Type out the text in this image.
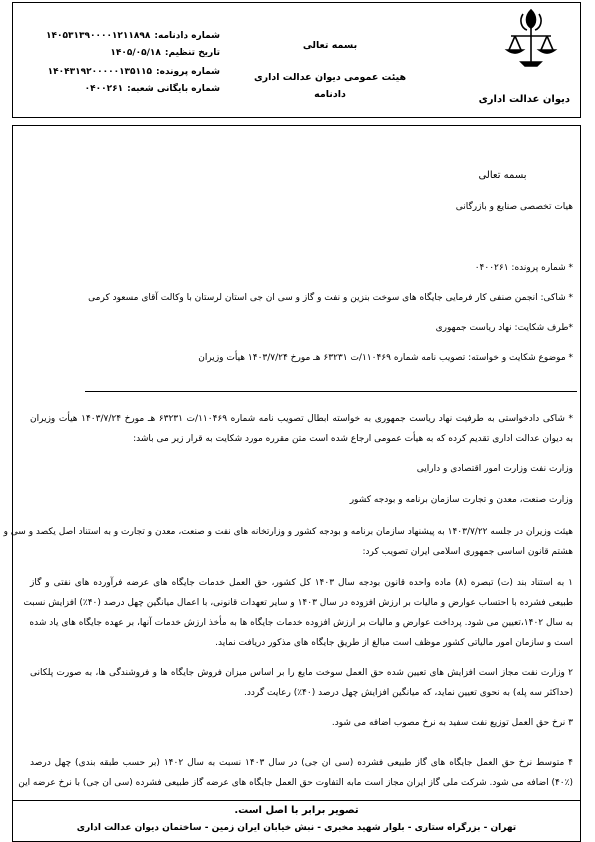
دیوان عدالت اداری
بسمه تعالی
هیئت عمومی دیوان عدالت اداری
دادنامه
شماره دادنامه:۱۴۰۵۳۱۳۹۰۰۰۰۱۲۱۱۸۹۸
تاریخ تنظیم:۱۴۰۵/۰۵/۱۸
شماره پرونده:۱۴۰۴۳۱۹۲۰۰۰۰۰۱۳۵۱۱۵
شماره بایگانی شعبه:۰۴۰۰۲۶۱
بسمه تعالی
هیات تخصصی صنایع و بازرگانی
* شماره پرونده: ۰۴۰۰۲۶۱
* شاکی: انجمن صنفی کار فرمایی جایگاه های سوخت بنزین و نفت و گاز و سی ان جی استان لرستان با وکالت آقای مسعود کرمی
*طرف شکایت: نهاد ریاست جمهوری
* موضوع شکایت و خواسته: تصویب نامه شماره ۱۱۰۴۶۹/ت ۶۳۲۳۱ هـ مورخ ۱۴۰۳/۷/۲۴ هیأت وزیران
* شاکی دادخواستی به طرفیت نهاد ریاست جمهوری به خواسته ابطال تصویب نامه شماره ۱۱۰۴۶۹/ت ۶۳۲۳۱ هـ مورخ ۱۴۰۳/۷/۲۴ هیأت وزیران
به دیوان عدالت اداری تقدیم کرده که به هیأت عمومی ارجاع شده است متن مقرره مورد شکایت به قرار زیر می باشد:
وزارت نفت وزارت امور اقتصادی و دارایی
وزارت صنعت، معدن و تجارت سازمان برنامه و بودجه کشور
هیئت وزیران در جلسه ۱۴۰۳/۷/۲۲ به پیشنهاد سازمان برنامه و بودجه کشور و وزارتخانه های نفت و صنعت، معدن و تجارت و به استناد اصل یکصد و سی و
هشتم قانون اساسی جمهوری اسلامی ایران تصویب کرد:
۱ به استناد بند (ت) تبصره (۸) ماده واحده قانون بودجه سال ۱۴۰۳ کل کشور، حق العمل خدمات جایگاه های عرضه فرآورده های نفتی و گاز
طبیعی فشرده با احتساب عوارض و مالیات بر ارزش افزوده در سال ۱۴۰۳ و سایر تعهدات قانونی، با اعمال میانگین چهل درصد (۴۰٪) افزایش نسبت
به سال ۱۴۰۲،تعیین می شود. پرداخت عوارض و مالیات بر ارزش افزوده خدمات جایگاه ها به مأخذ ارزش خدمات آنها، بر عهده جایگاه های یاد شده
است و سازمان امور مالیاتی کشور موظف است مبالغ از طریق جایگاه های مذکور دریافت نماید.
۲ وزارت نفت مجاز است افزایش های تعیین شده حق العمل سوخت مایع را بر اساس میزان فروش جایگاه ها و فروشندگی ها، به صورت پلکانی
(حداکثر سه پله) به نحوی تعیین نماید، که میانگین افزایش چهل درصد (۴۰٪) رعایت گردد.
۳ نرخ حق العمل توزیع نفت سفید به نرخ مصوب اضافه می شود.
۴ متوسط نرخ حق العمل جایگاه های گاز طبیعی فشرده (سی ان جی) در سال ۱۴۰۳ نسبت به سال ۱۴۰۲ (بر حسب طبقه بندی) چهل درصد
(۴۰٪) اضافه می شود. شرکت ملی گاز ایران مجاز است مابه التفاوت حق العمل جایگاه های عرضه گاز طبیعی فشرده (سی ان جی) با نرخ عرضه این
تصویر برابر با اصل است.
تهران - بزرگراه ستاری - بلوار شهید مخبری - نبش خیابان ایران زمین - ساختمان دیوان عدالت اداری
